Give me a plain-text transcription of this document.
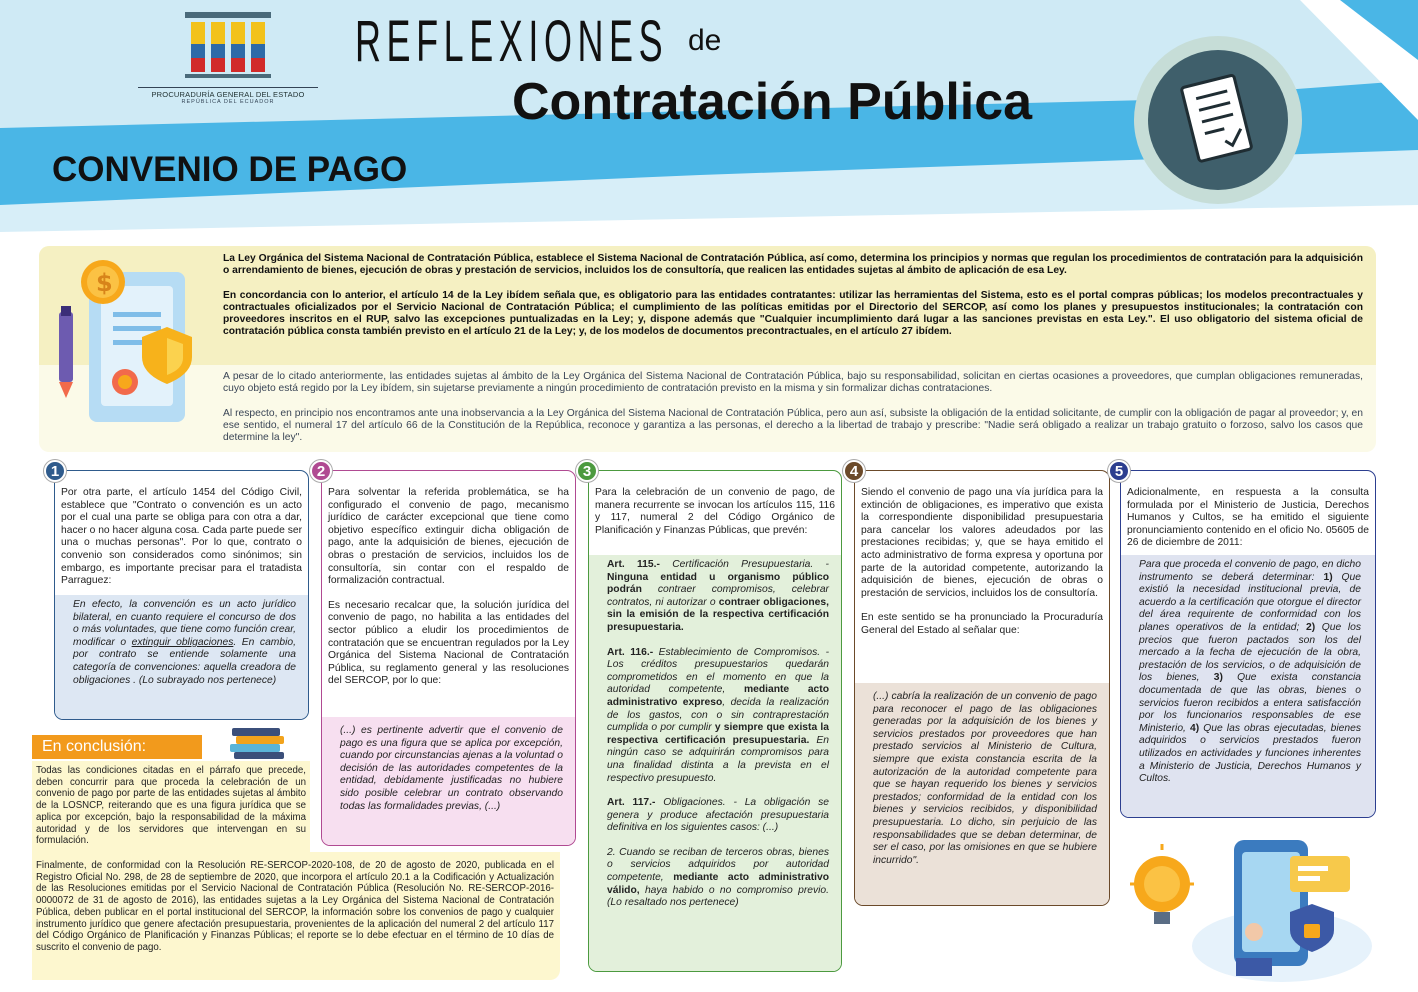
PROCURADURÍA GENERAL DEL ESTADO
REPÚBLICA DEL ECUADOR
REFLEXIONES de
Contratación Pública
CONVENIO DE PAGO
$

La Ley Orgánica del Sistema Nacional de Contratación Pública, establece el Sistema Nacional de Contratación Pública, así como, determina los principios y normas que regulan los procedimientos de contratación para la adquisición o arrendamiento de bienes, ejecución de obras y prestación de servicios, incluidos los de consultoría, que realicen las entidades sujetas al ámbito de aplicación de esa Ley.

En concordancia con lo anterior, el artículo 14 de la Ley ibídem señala que, es obligatorio para las entidades contratantes: utilizar las herramientas del Sistema, esto es el portal compras públicas; los modelos precontractuales y contractuales oficializados por el Servicio Nacional de Contratación Pública; el cumplimiento de las políticas emitidas por el Directorio del SERCOP, así como los planes y presupuestos institucionales; la contratación con proveedores inscritos en el RUP, salvo las excepciones puntualizadas en la Ley; y, dispone además que "Cualquier incumplimiento dará lugar a las sanciones previstas en esta Ley.". El uso obligatorio del sistema oficial de contratación pública consta también previsto en el artículo 21 de la Ley; y, de los modelos de documentos precontractuales, en el artículo 27 ibídem.

A pesar de lo citado anteriormente, las entidades sujetas al ámbito de la Ley Orgánica del Sistema Nacional de Contratación Pública, bajo su responsabilidad, solicitan en ciertas ocasiones a proveedores, que cumplan obligaciones remuneradas, cuyo objeto está regido por la Ley ibídem, sin sujetarse previamente a ningún procedimiento de contratación previsto en la misma y sin formalizar dichas contrataciones.

Al respecto, en principio nos encontramos ante una inobservancia a la Ley Orgánica del Sistema Nacional de Contratación Pública, pero aun así, subsiste la obligación de la entidad solicitante, de cumplir con la obligación de pagar al proveedor; y, en ese sentido, el numeral 17 del artículo 66 de la Constitución de la República, reconoce y garantiza a las personas, el derecho a la libertad de trabajo y prescribe: "Nadie será obligado a realizar un trabajo gratuito o forzoso, salvo los casos que determine la ley".

Por otra parte, el artículo 1454 del Código Civil, establece que "Contrato o convención es un acto por el cual una parte se obliga para con otra a dar, hacer o no hacer alguna cosa. Cada parte puede ser una o muchas personas". Por lo que, contrato o convenio son considerados como sinónimos; sin embargo, es importante precisar para el tratadista Parraguez:

En efecto, la convención es un acto jurídico bilateral, en cuanto requiere el concurso de dos o más voluntades, que tiene como función crear, modificar o extinguir obligaciones. En cambio, por contrato se entiende solamente una categoría de convenciones: aquella creadora de obligaciones . (Lo subrayado nos pertenece)

1
Para solventar la referida problemática, se ha configurado el convenio de pago, mecanismo jurídico de carácter excepcional que tiene como objetivo específico extinguir dicha obligación de pago, ante la adquisición de bienes, ejecución de obras o prestación de servicios, incluidos los de consultoría, sin contar con el respaldo de formalización contractual.
Es necesario recalcar que, la solución jurídica del convenio de pago, no habilita a las entidades del sector público a eludir los procedimientos de contratación que se encuentran regulados por la Ley Orgánica del Sistema Nacional de Contratación Pública, su reglamento general y las resoluciones del SERCOP, por lo que:

(...) es pertinente advertir que el convenio de pago es una figura que se aplica por excepción, cuando por circunstancias ajenas a la voluntad o decisión de las autoridades competentes de la entidad, debidamente justificadas no hubiere sido posible celebrar un contrato observando todas las formalidades previas, (...)

2
Para la celebración de un convenio de pago, de manera recurrente se invocan los artículos 115, 116 y 117, numeral 2 del Código Orgánico de Planificación y Finanzas Públicas, que prevén:

Art. 115.- Certificación Presupuestaria. - Ninguna entidad u organismo público podrán contraer compromisos, celebrar contratos, ni autorizar o contraer obligaciones, sin la emisión de la respectiva certificación presupuestaria.

Art. 116.- Establecimiento de Compromisos. - Los créditos presupuestarios quedarán comprometidos en el momento en que la autoridad competente, mediante acto administrativo expreso, decida la realización de los gastos, con o sin contraprestación cumplida o por cumplir y siempre que exista la respectiva certificación presupuestaria. En ningún caso se adquirirán compromisos para una finalidad distinta a la prevista en el respectivo presupuesto.

Art. 117.- Obligaciones. - La obligación se genera y produce afectación presupuestaria definitiva en los siguientes casos: (...)

2. Cuando se reciban de terceros obras, bienes o servicios adquiridos por autoridad competente, mediante acto administrativo válido, haya habido o no compromiso previo. (Lo resaltado nos pertenece)

3
Siendo el convenio de pago una vía jurídica para la extinción de obligaciones, es imperativo que exista la correspondiente disponibilidad presupuestaria para cancelar los valores adeudados por las prestaciones recibidas; y, que se haya emitido el acto administrativo de forma expresa y oportuna por parte de la autoridad competente, autorizando la adquisición de bienes, ejecución de obras o prestación de servicios, incluidos los de consultoría.
En este sentido se ha pronunciado la Procuraduría General del Estado al señalar que:

(...) cabría la realización de un convenio de pago para reconocer el pago de las obligaciones generadas por la adquisición de los bienes y servicios prestados por proveedores que han prestado servicios al Ministerio de Cultura, siempre que exista constancia escrita de la autorización de la autoridad competente para que se hayan requerido los bienes y servicios prestados; conformidad de la entidad con los bienes y servicios recibidos, y disponibilidad presupuestaria. Lo dicho, sin perjuicio de las responsabilidades que se deban determinar, de ser el caso, por las omisiones en que se hubiere incurrido".

4
Adicionalmente, en respuesta a la consulta formulada por el Ministerio de Justicia, Derechos Humanos y Cultos, se ha emitido el siguiente pronunciamiento contenido en el oficio No. 05605 de 26 de diciembre de 2011:

Para que proceda el convenio de pago, en dicho instrumento se deberá determinar: 1) Que existió la necesidad institucional previa, de acuerdo a la certificación que otorgue el director del área requirente de conformidad con los planes operativos de la entidad; 2) Que los precios que fueron pactados son los del mercado a la fecha de ejecución de la obra, prestación de los servicios, o de adquisición de los bienes, 3) Que exista constancia documentada de que las obras, bienes o servicios fueron recibidos a entera satisfacción por los funcionarios responsables de ese Ministerio, 4) Que las obras ejecutadas, bienes adquiridos o servicios prestados fueron utilizados en actividades y funciones inherentes a Ministerio de Justicia, Derechos Humanos y Cultos.

5
En conclusión:
Todas las condiciones citadas en el párrafo que precede, deben concurrir para que proceda la celebración de un convenio de pago por parte de las entidades sujetas al ámbito de la LOSNCP, reiterando que es una figura jurídica que se aplica por excepción, bajo la responsabilidad de la máxima autoridad y de los servidores que intervengan en su formulación.
Finalmente, de conformidad con la Resolución RE-SERCOP-2020-108, de 20 de agosto de 2020, publicada en el Registro Oficial No. 298, de 28 de septiembre de 2020, que incorpora el artículo 20.1 a la Codificación y Actualización de las Resoluciones emitidas por el Servicio Nacional de Contratación Pública (Resolución No. RE-SERCOP-2016-0000072 de 31 de agosto de 2016), las entidades sujetas a la Ley Orgánica del Sistema Nacional de Contratación Pública, deben publicar en el portal institucional del SERCOP, la información sobre los convenios de pago y cualquier instrumento jurídico que genere afectación presupuestaria, provenientes de la aplicación del numeral 2 del artículo 117 del Código Orgánico de Planificación y Finanzas Públicas; el reporte se lo debe efectuar en el término de 10 días de suscrito el convenio de pago.
